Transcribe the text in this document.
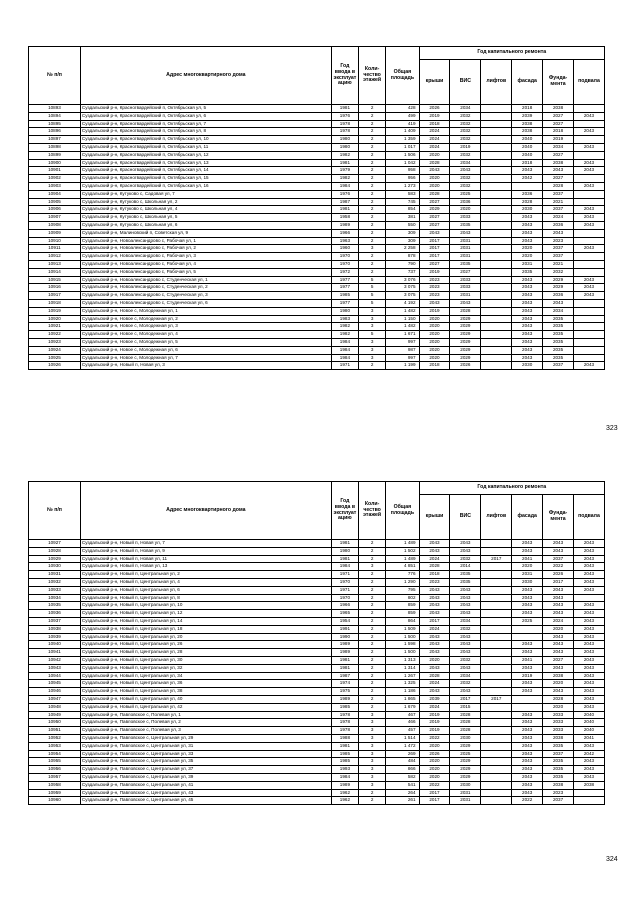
№ п/п	Адрес многоквартирного дома	Год ввода в эксплуат ацию	Коли-чество этажей	Общая площадь	Год капитального ремонта					
					крыши	ВИС	лифтов	фасада	Фунда-мента	подвала
10893	Суздальский р-н, Красногвардейский п, Октябрьская ул, 5	1981	2	428	2026	2034		2018	2038	
10894	Суздальский р-н, Красногвардейский п, Октябрьская ул, 6	1976	2	499	2019	2032		2039	2027	2043
10895	Суздальский р-н, Красногвардейский п, Октябрьская ул, 7	1978	2	419	2018	2032		2038	2027	
10896	Суздальский р-н, Красногвардейский п, Октябрьская ул, 8	1978	2	1 409	2024	2032		2038	2018	2043
10897	Суздальский р-н, Красногвардейский п, Октябрьская ул, 10	1980	2	1 359	2024	2032		2040	2019	
10898	Суздальский р-н, Красногвардейский п, Октябрьская ул, 11	1980	2	1 017	2024	2019		2040	2034	2043
10899	Суздальский р-н, Красногвардейский п, Октябрьская ул, 12	1982	2	1 506	2020	2032		2040	2027	
10900	Суздальский р-н, Красногвардейский п, Октябрьская ул, 13	1981	2	1 042	2028	2034		2018	2038	2043
10901	Суздальский р-н, Красногвардейский п, Октябрьская ул, 14	1979	2	958	2043	2043		2043	2043	2043
10902	Суздальский р-н, Красногвардейский п, Октябрьская ул, 15	1982	2	956	2020	2032		2042	2027	
10903	Суздальский р-н, Красногвардейский п, Октябрьская ул, 16	1984	2	1 273	2020	2032			2028	2043
10904	Суздальский р-н, Кутуково с, Садовая ул, 7	1976	2	583	2028	2025		2036	2037	
10905	Суздальский р-н, Кутуково с, Школьная ул, 2	1987	2	745	2027	2036		2028	2021	
10906	Суздальский р-н, Кутуково с, Школьная ул, 4	1981	2	854	2029	2020		2030	2037	2043
10907	Суздальский р-н, Кутуково с, Школьная ул, 5	1958	2	381	2027	2033		2043	2024	2043
10908	Суздальский р-н, Кутуково с, Школьная ул, 6	1989	2	550	2027	2035		2043	2036	2043
10909	Суздальский р-н, Малиновский п, Советская ул, 9	1966	2	309	2043	2043		2043	2043	
10910	Суздальский р-н, Новоалександрово с, Рабочая ул, 1	1963	2	309	2017	2031		2043	2023	
10911	Суздальский р-н, Новоалександрово с, Рабочая ул, 2	1960	3	2 258	2017	2031		2020	2037	2043
10912	Суздальский р-н, Новоалександрово с, Рабочая ул, 3	1970	2	878	2017	2031		2020	2037	
10913	Суздальский р-н, Новоалександрово с, Рабочая ул, 4	1970	2	790	2027	2035		2031	2021	
10914	Суздальский р-н, Новоалександрово с, Рабочая ул, 5	1972	2	737	2019	2027		2035	2032	
10915	Суздальский р-н, Новоалександрово с, Студенческая ул, 1	1977	5	3 076	2023	2033		2043	2029	2043
10916	Суздальский р-н, Новоалександрово с, Студенческая ул, 2	1977	5	3 075	2023	2033		2043	2029	2043
10917	Суздальский р-н, Новоалександрово с, Студенческая ул, 3	1985	5	3 075	2023	2031		2043	2036	2043
10918	Суздальский р-н, Новоалександрово с, Студенческая ул, 6	1977	5	4 192	2043	2043		2043	2043	
10919	Суздальский р-н, Новое с, Молодежная ул, 1	1980	3	1 482	2019	2028		2043	2034	
10920	Суздальский р-н, Новое с, Молодежная ул, 2	1983	3	1 150	2020	2029		2043	2035	
10921	Суздальский р-н, Новое с, Молодежная ул, 3	1982	3	1 482	2020	2029		2043	2035	
10922	Суздальский р-н, Новое с, Молодежная ул, 4	1982	5	1 671	2020	2029		2043	2035	
10923	Суздальский р-н, Новое с, Молодежная ул, 5	1984	3	997	2020	2029		2043	2035	
10924	Суздальский р-н, Новое с, Молодежная ул, 6	1984	3	987	2020	2029		2043	2035	
10925	Суздальский р-н, Новое с, Молодежная ул, 7	1984	3	997	2020	2029		2043	2035	
10926	Суздальский р-н, Новый п, Новая ул, 3	1971	2	1 199	2018	2026		2030	2037	2043
323
№ п/п	Адрес многоквартирного дома	Год ввода в эксплуат ацию	Коли-чество этажей	Общая площадь	Год капитального ремонта					
					крыши	ВИС	лифтов	фасада	Фунда-мента	подвала
10927	Суздальский р-н, Новый п, Новая ул, 7	1981	2	1 489	2043	2043		2043	2043	2043
10928	Суздальский р-н, Новый п, Новая ул, 9	1980	2	1 502	2043	2043		2043	2043	2043
10929	Суздальский р-н, Новый п, Новая ул, 11	1981	2	1 489	2024	2032	2017	2041	2037	2043
10930	Суздальский р-н, Новый п, Новая ул, 13	1984	3	4 851	2028	2014		2020	2022	2043
10931	Суздальский р-н, Новый п, Центральная ул, 2	1971	2	776	2018	2035		2031	2026	2043
10932	Суздальский р-н, Новый п, Центральная ул, 4	1970	2	1 290	2023	2035		2030	2017	2043
10933	Суздальский р-н, Новый п, Центральная ул, 6	1971	2	795	2043	2043		2043	2043	2043
10934	Суздальский р-н, Новый п, Центральная ул, 8	1970	2	802	2043	2043		2043	2043	
10935	Суздальский р-н, Новый п, Центральная ул, 10	1966	2	859	2043	2043		2043	2043	2043
10936	Суздальский р-н, Новый п, Центральная ул, 12	1965	2	859	2043	2043		2043	2043	2043
10937	Суздальский р-н, Новый п, Центральная ул, 14	1954	2	864	2017	2034		2025	2024	2043
10938	Суздальский р-н, Новый п, Центральная ул, 18	1991	2	1 509	2024	2032			2020	2043
10939	Суздальский р-н, Новый п, Центральная ул, 20	1990	2	1 500	2043	2043			2043	2043
10940	Суздальский р-н, Новый п, Центральная ул, 26	1989	2	1 598	2043	2043		2043	2043	2043
10941	Суздальский р-н, Новый п, Центральная ул, 28	1989	2	1 500	2043	2043		2043	2043	2043
10942	Суздальский р-н, Новый п, Центральная ул, 30	1981	2	1 313	2020	2032		2041	2027	2043
10943	Суздальский р-н, Новый п, Центральная ул, 32	1981	2	1 314	2043	2043		2043	2043	2043
10944	Суздальский р-н, Новый п, Центральная ул, 34	1987	2	1 267	2028	2034		2019	2038	2043
10945	Суздальский р-н, Новый п, Центральная ул, 36	1974	2	1 325	2024	2032		2043	2020	2043
10946	Суздальский р-н, Новый п, Центральная ул, 38	1975	2	1 186	2043	2043		2043	2043	2043
10947	Суздальский р-н, Новый п, Центральная ул, 40	1989	2	1 865	2039	2017	2017		2028	2043
10948	Суздальский р-н, Новый п, Центральная ул, 42	1985	2	1 679	2024	2015			2020	2043
10949	Суздальский р-н, Павловское с, Полевая ул, 1	1978	3	467	2019	2028		2043	2033	2040
10950	Суздальский р-н, Павловское с, Полевая ул, 2	1978	3	466	2019	2028		2043	2033	2040
10951	Суздальский р-н, Павловское с, Полевая ул, 3	1978	3	457	2019	2028		2043	2033	2040
10952	Суздальский р-н, Павловское с, Центральная ул, 29	1988	3	1 514	2022	2030		2043	2038	2041
10953	Суздальский р-н, Павловское с, Центральная ул, 31	1981	3	1 472	2020	2029		2043	2035	2043
10954	Суздальский р-н, Павловское с, Центральная ул, 33	1985	3	269	2026	2025		2043	2037	2042
10955	Суздальский р-н, Павловское с, Центральная ул, 35	1985	3	484	2020	2029		2043	2035	2043
10956	Суздальский р-н, Павловское с, Центральная ул, 37	1993	3	866	2020	2029		2043	2035	2043
10957	Суздальский р-н, Павловское с, Центральная ул, 39	1984	3	582	2020	2029		2043	2035	2043
10958	Суздальский р-н, Павловское с, Центральная ул, 41	1989	3	541	2022	2030		2043	2038	2038
10959	Суздальский р-н, Павловское с, Центральная ул, 43	1962	2	264	2017	2031		2043	2023	
10960	Суздальский р-н, Павловское с, Центральная ул, 45	1962	2	261	2017	2031		2022	2037	
324
